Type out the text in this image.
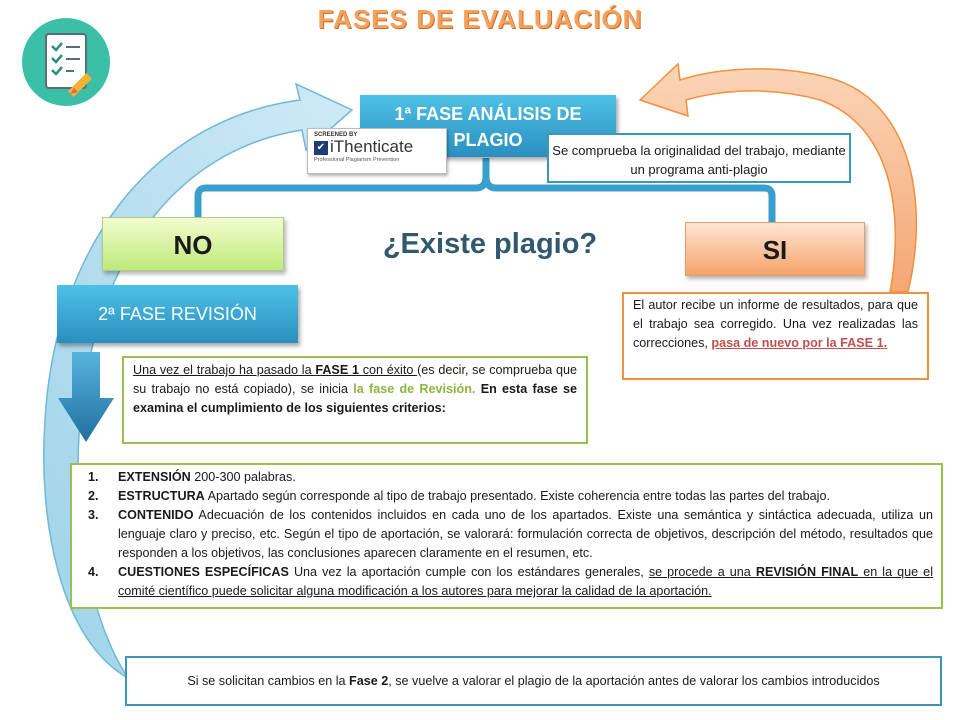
FASES DE EVALUACIÓN
1ª FASE ANÁLISIS DE PLAGIO
SCREENED BY
✔ iThenticate
Professional Plagiarism Prevention
Se comprueba la originalidad del trabajo, mediante un programa anti-plagio
NO	¿Existe plagio?	SI
El autor recibe un informe de resultados, para que el trabajo sea corregido. Una vez realizadas las correcciones, pasa de nuevo por la FASE 1.
2ª FASE REVISIÓN
Una vez el trabajo ha pasado la FASE 1 con éxito (es decir, se comprueba que su trabajo no está copiado), se inicia la fase de Revisión. En esta fase se examina el cumplimiento de los siguientes criterios:
1. EXTENSIÓN 200-300 palabras.
2. ESTRUCTURA Apartado según corresponde al tipo de trabajo presentado. Existe coherencia entre todas las partes del trabajo.
3. CONTENIDO Adecuación de los contenidos incluidos en cada uno de los apartados. Existe una semántica y sintáctica adecuada, utiliza un lenguaje claro y preciso, etc. Según el tipo de aportación, se valorará: formulación correcta de objetivos, descripción del método, resultados que responden a los objetivos, las conclusiones aparecen claramente en el resumen, etc.
4. CUESTIONES ESPECÍFICAS Una vez la aportación cumple con los estándares generales, se procede a una REVISIÓN FINAL en la que el comité científico puede solicitar alguna modificación a los autores para mejorar la calidad de la aportación.
Si se solicitan cambios en la Fase 2, se vuelve a valorar el plagio de la aportación antes de valorar los cambios introducidos
